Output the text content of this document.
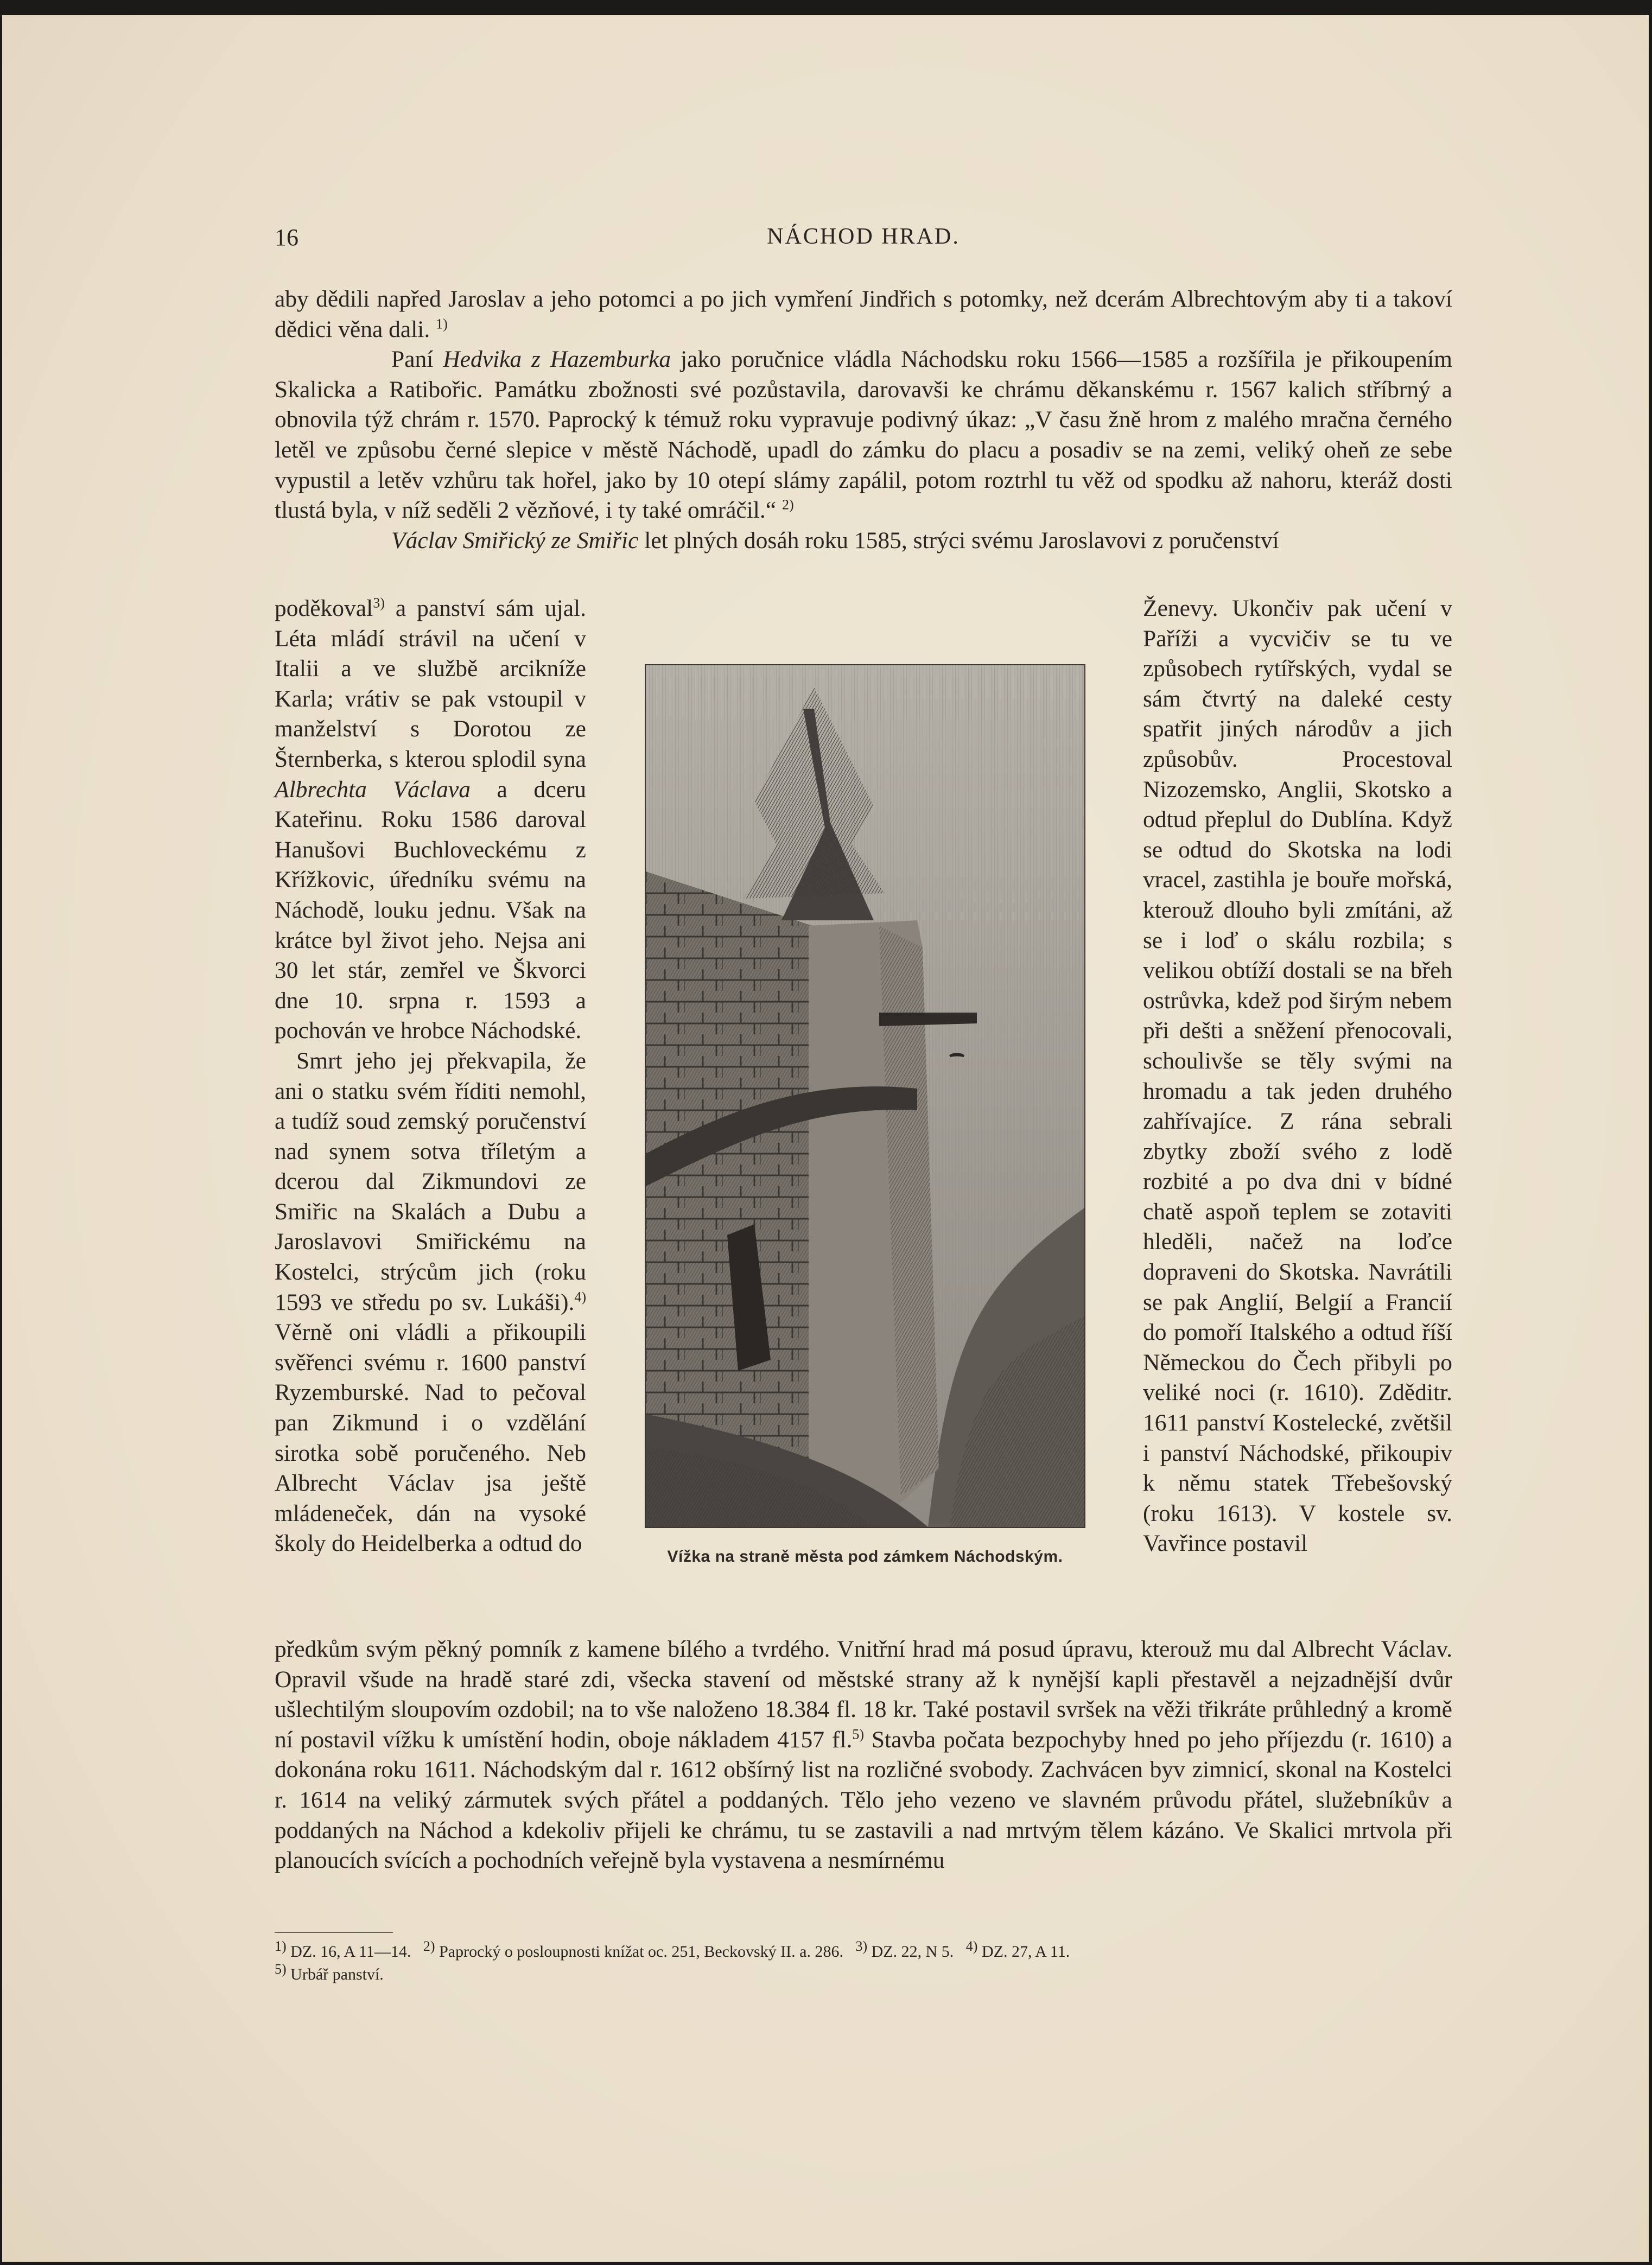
16	NÁCHOD HRAD.

aby dědili napřed Jaroslav a jeho potomci a po jich vymření Jindřich s potomky, než dcerám Albrechtovým aby ti a takoví dědici věna dali. $^{1)}$

Paní Hedvika z Hazemburka jako poručnice vládla Náchodsku roku 1566—1585 a rozšířila je přikoupením Skalicka a Ratibořic. Památku zbožnosti své pozůstavila, darovavši ke chrámu děkanskému r. 1567 kalich stříbrný a obnovila týž chrám r. 1570. Paprocký k témuž roku vypravuje podivný úkaz: „V času žně hrom z malého mračna černého letěl ve způsobu černé slepice v městě Náchodě, upadl do zámku do placu a posadiv se na zemi, veliký oheň ze sebe vypustil a letěv vzhůru tak hořel, jako by 10 otepí slámy zapálil, potom roztrhl tu věž od spodku až nahoru, kteráž dosti tlustá byla, v níž seděli 2 vězňové, i ty také omráčil.“ $^{2)}$

Václav Smiřický ze Smiřic let plných dosáh roku 1585, strýci svému Jaroslavovi z poručenství

poděkoval$^{3)}$ a panství sám ujal. Léta mládí strávil na učení v Italii a ve službě arcikníže Karla; vrátiv se pak vstoupil v manželství s Dorotou ze Šternberka, s kterou splodil syna Albrechta Václava a dceru Kateřinu. Roku 1586 daroval Hanušovi Buchloveckému z Křížkovic, úředníku svému na Náchodě, louku jednu. Však na krátce byl život jeho. Nejsa ani 30 let stár, zemřel ve Škvorci dne 10. srpna r. 1593 a pochován ve hrobce Náchodské.

Smrt jeho jej překvapila, že ani o statku svém říditi nemohl, a tudíž soud zemský poručenství nad synem sotva tříletým a dcerou dal Zikmundovi ze Smiřic na Skalách a Dubu a Jaroslavovi Smiřickému na Kostelci, strýcům jich (roku 1593 ve středu po sv. Lukáši).$^{4)}$ Věrně oni vládli a přikoupili svěřenci svému r. 1600 panství Ryzemburské. Nad to pečoval pan Zikmund i o vzdělání sirotka sobě poručeného. Neb Albrecht Václav jsa ještě mládeneček, dán na vysoké školy do Heidelberka a odtud do

Vížka na straně města pod zámkem Náchodským.

Ženevy. Ukončiv pak učení v Paříži a vycvičiv se tu ve způsobech rytířských, vydal se sám čtvrtý na daleké cesty spatřit jiných národův a jich způsobův. Procestoval Nizozemsko, Anglii, Skotsko a odtud přeplul do Dublína. Když se odtud do Skotska na lodi vracel, zastihla je bouře mořská, kterouž dlouho byli zmítáni, až se i loď o skálu rozbila; s velikou obtíží dostali se na břeh ostrůvka, kdež pod širým nebem při dešti a sněžení přenocovali, schoulivše se těly svými na hromadu a tak jeden druhého zahřívajíce. Z rána sebrali zbytky zboží svého z lodě rozbité a po dva dni v bídné chatě aspoň teplem se zotaviti hleděli, načež na loďce dopraveni do Skotska. Navrátili se pak Anglií, Belgií a Francií do pomoří Italského a odtud říší Německou do Čech přibyli po veliké noci (r. 1610). Zděditr. 1611 panství Kostelecké, zvětšil i panství Náchodské, přikoupiv k němu statek Třebešovský (roku 1613). V kostele sv. Vavřince postavil

předkům svým pěkný pomník z kamene bílého a tvrdého. Vnitřní hrad má posud úpravu, kterouž mu dal Albrecht Václav. Opravil všude na hradě staré zdi, všecka stavení od městské strany až k nynější kapli přestavěl a nejzadnější dvůr ušlechtilým sloupovím ozdobil; na to vše naloženo 18.384 fl. 18 kr. Také postavil svršek na věži třikráte průhledný a kromě ní postavil vížku k umístění hodin, oboje nákladem 4157 fl.$^{5)}$ Stavba počata bezpochyby hned po jeho příjezdu (r. 1610) a dokonána roku 1611. Náchodským dal r. 1612 obšírný list na rozličné svobody. Zachvácen byv zimnicí, skonal na Kostelci r. 1614 na veliký zármutek svých přátel a poddaných. Tělo jeho vezeno ve slavném průvodu přátel, služebníkův a poddaných na Náchod a kdekoliv přijeli ke chrámu, tu se zastavili a nad mrtvým tělem kázáno. Ve Skalici mrtvola při planoucích svících a pochodních veřejně byla vystavena a nesmírnému

$^{1)}$ DZ. 16, A 11—14. $^{2)}$ Paprocký o posloupnosti knížat oc. 251, Beckovský II. a. 286. $^{3)}$ DZ. 22, N 5. $^{4)}$ DZ. 27, A 11.
$^{5)}$ Urbář panství.
